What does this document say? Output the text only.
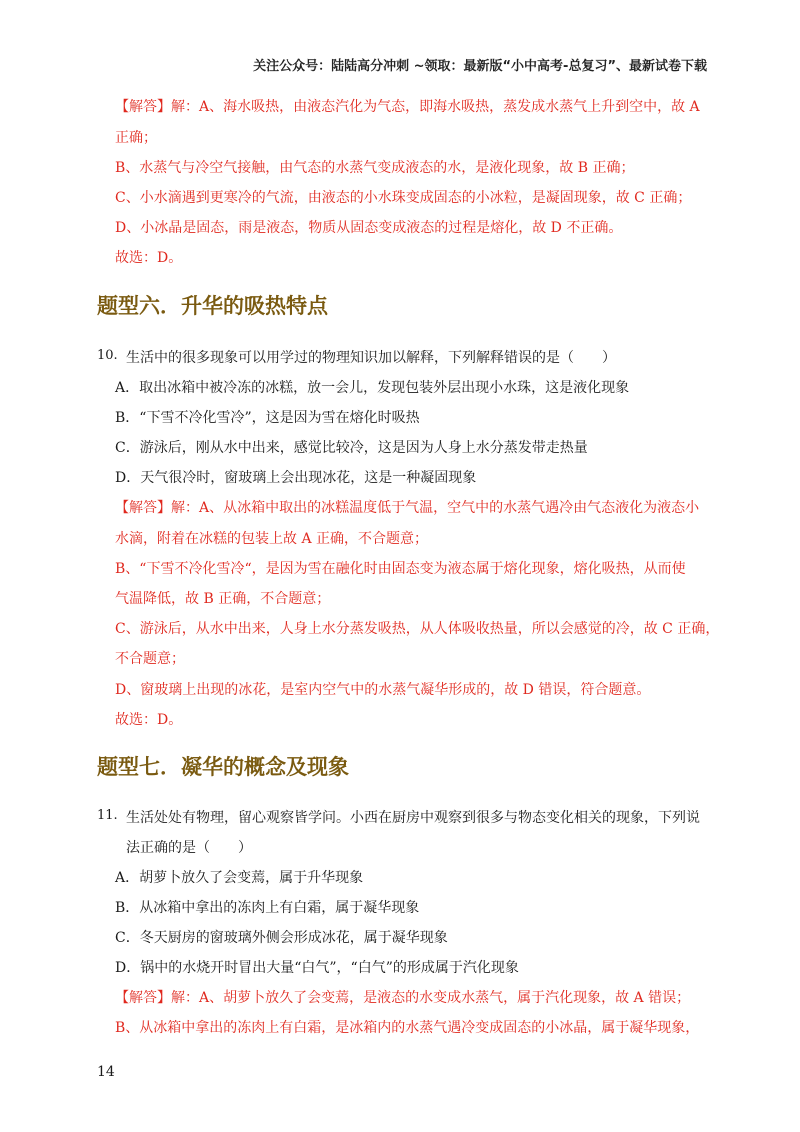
关注公众号：陆陆高分冲刺 ~领取：最新版“小中高考-总复习”、最新试卷下载
【解答】解：A、海水吸热，由液态汽化为气态，即海水吸热，蒸发成水蒸气上升到空中，故 A
正确；
B、水蒸气与冷空气接触，由气态的水蒸气变成液态的水，是液化现象，故 B 正确；
C、小水滴遇到更寒冷的气流，由液态的小水珠变成固态的小冰粒，是凝固现象，故 C 正确；
D、小冰晶是固态，雨是液态，物质从固态变成液态的过程是熔化，故 D 不正确。
故选：D。
题型六．升华的吸热特点
10. 生活中的很多现象可以用学过的物理知识加以解释，下列解释错误的是（　　）
A．取出冰箱中被冷冻的冰糕，放一会儿，发现包装外层出现小水珠，这是液化现象
B．“下雪不冷化雪冷”，这是因为雪在熔化时吸热
C．游泳后，刚从水中出来，感觉比较冷，这是因为人身上水分蒸发带走热量
D．天气很冷时，窗玻璃上会出现冰花，这是一种凝固现象
【解答】解：A、从冰箱中取出的冰糕温度低于气温，空气中的水蒸气遇冷由气态液化为液态小
水滴，附着在冰糕的包装上故 A 正确，不合题意；
B、“下雪不冷化雪冷“，是因为雪在融化时由固态变为液态属于熔化现象，熔化吸热，从而使
气温降低，故 B 正确，不合题意；
C、游泳后，从水中出来，人身上水分蒸发吸热，从人体吸收热量，所以会感觉的冷，故 C 正确，
不合题意；
D、窗玻璃上出现的冰花，是室内空气中的水蒸气凝华形成的，故 D 错误，符合题意。
故选：D。
题型七．凝华的概念及现象
11. 生活处处有物理，留心观察皆学问。小西在厨房中观察到很多与物态变化相关的现象，下列说
法正确的是（　　）
A．胡萝卜放久了会变蔫，属于升华现象
B．从冰箱中拿出的冻肉上有白霜，属于凝华现象
C．冬天厨房的窗玻璃外侧会形成冰花，属于凝华现象
D．锅中的水烧开时冒出大量“白气”，“白气”的形成属于汽化现象
【解答】解：A、胡萝卜放久了会变蔫，是液态的水变成水蒸气，属于汽化现象，故 A 错误；
B、从冰箱中拿出的冻肉上有白霜，是冰箱内的水蒸气遇冷变成固态的小冰晶，属于凝华现象，
14
